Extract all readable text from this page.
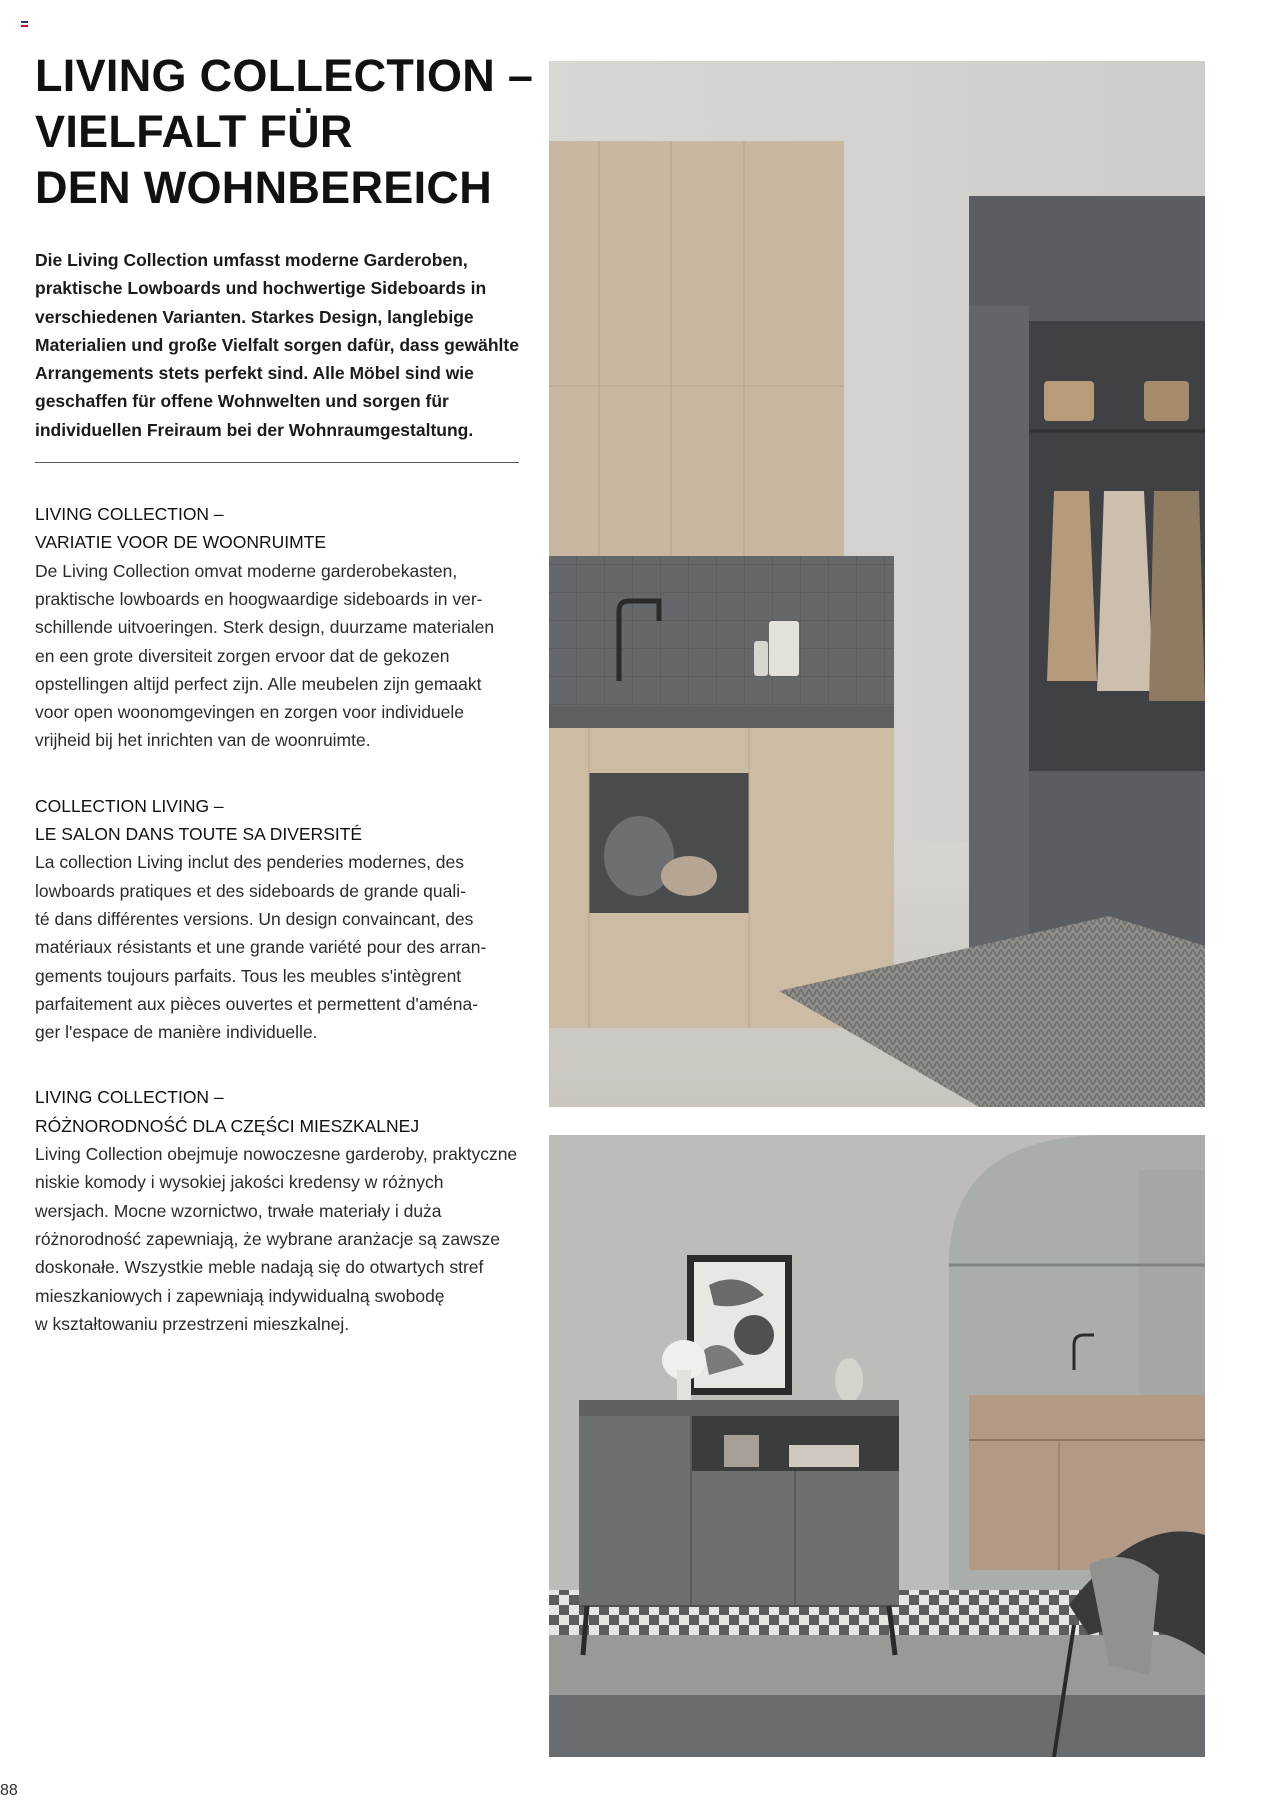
LIVING COLLECTION –
VIELFALT FÜR
DEN WOHNBEREICH
Die Living Collection umfasst moderne Garderoben,
praktische Lowboards und hochwertige Sideboards in
verschiedenen Varianten. Starkes Design, langlebige
Materialien und große Vielfalt sorgen dafür, dass gewählte
Arrangements stets perfekt sind. Alle Möbel sind wie
geschaffen für offene Wohnwelten und sorgen für
individuellen Freiraum bei der Wohnraumgestaltung.
LIVING COLLECTION –
VARIATIE VOOR DE WOONRUIMTE
De Living Collection omvat moderne garderobekasten,
praktische lowboards en hoogwaardige sideboards in ver-
schillende uitvoeringen. Sterk design, duurzame materialen
en een grote diversiteit zorgen ervoor dat de gekozen
opstellingen altijd perfect zijn. Alle meubelen zijn gemaakt
voor open woonomgevingen en zorgen voor individuele
vrijheid bij het inrichten van de woonruimte.
COLLECTION LIVING –
LE SALON DANS TOUTE SA DIVERSITÉ
La collection Living inclut des penderies modernes, des
lowboards pratiques et des sideboards de grande quali-
té dans différentes versions. Un design convaincant, des
matériaux résistants et une grande variété pour des arran-
gements toujours parfaits. Tous les meubles s'intègrent
parfaitement aux pièces ouvertes et permettent d'aména-
ger l'espace de manière individuelle.
LIVING COLLECTION –
RÓŻNORODNOŚĆ DLA CZĘŚCI MIESZKALNEJ
Living Collection obejmuje nowoczesne garderoby, praktyczne
niskie komody i wysokiej jakości kredensy w różnych
wersjach. Mocne wzornictwo, trwałe materiały i duża
różnorodność zapewniają, że wybrane aranżacje są zawsze
doskonałe. Wszystkie meble nadają się do otwartych stref
mieszkaniowych i zapewniają indywidualną swobodę
w kształtowaniu przestrzeni mieszkalnej.
88
